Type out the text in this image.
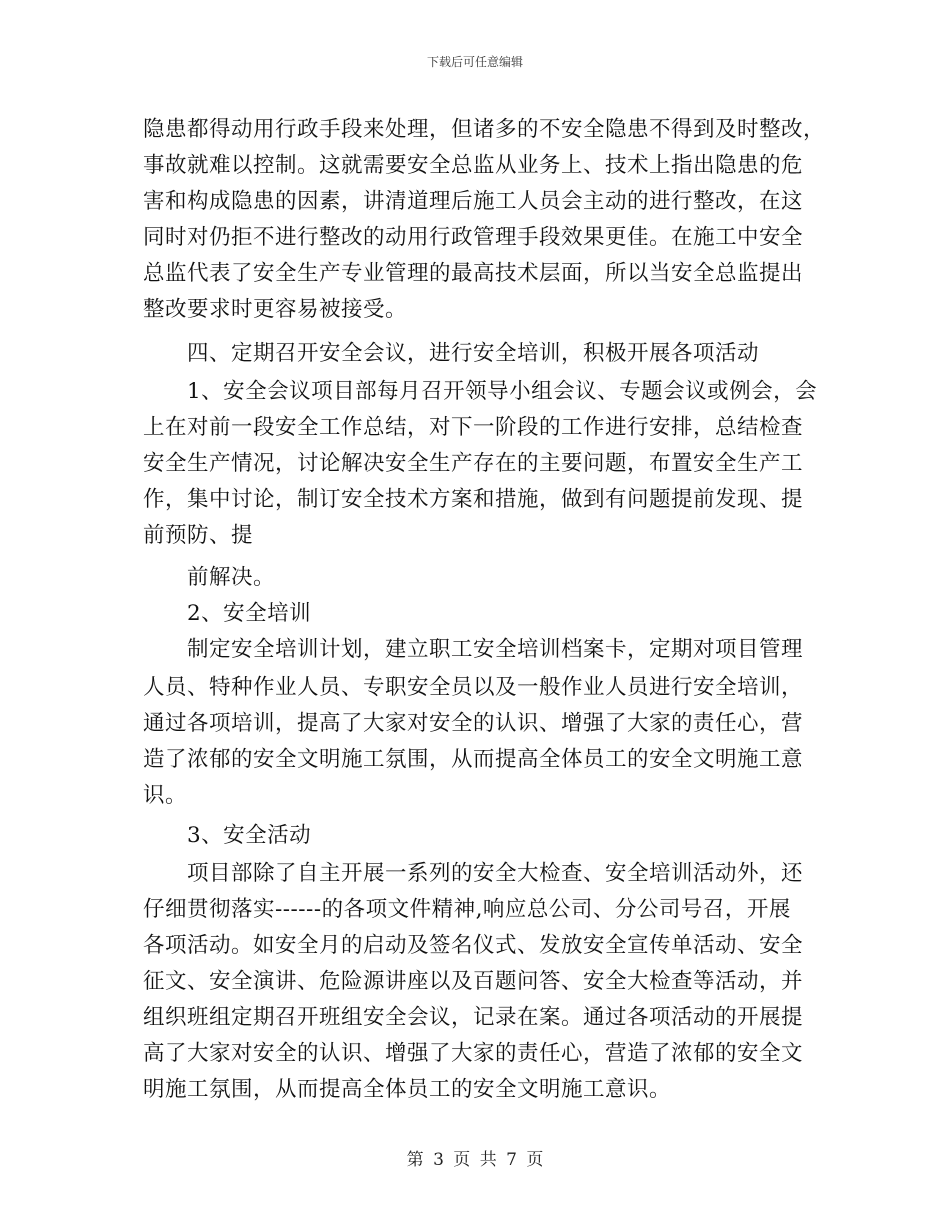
下载后可任意编辑
隐患都得动用行政手段来处理，但诸多的不安全隐患不得到及时整改，
事故就难以控制。这就需要安全总监从业务上、技术上指出隐患的危
害和构成隐患的因素，讲清道理后施工人员会主动的进行整改，在这
同时对仍拒不进行整改的动用行政管理手段效果更佳。在施工中安全
总监代表了安全生产专业管理的最高技术层面，所以当安全总监提出
整改要求时更容易被接受。
四、定期召开安全会议，进行安全培训，积极开展各项活动
1、安全会议项目部每月召开领导小组会议、专题会议或例会，会
上在对前一段安全工作总结，对下一阶段的工作进行安排，总结检查
安全生产情况，讨论解决安全生产存在的主要问题，布置安全生产工
作，集中讨论，制订安全技术方案和措施，做到有问题提前发现、提
前预防、提
前解决。
2、安全培训
制定安全培训计划，建立职工安全培训档案卡，定期对项目管理
人员、特种作业人员、专职安全员以及一般作业人员进行安全培训，
通过各项培训，提高了大家对安全的认识、增强了大家的责任心，营
造了浓郁的安全文明施工氛围，从而提高全体员工的安全文明施工意
识。
3、安全活动
项目部除了自主开展一系列的安全大检查、安全培训活动外，还
仔细贯彻落实------的各项文件精神,响应总公司、分公司号召，开展
各项活动。如安全月的启动及签名仪式、发放安全宣传单活动、安全
征文、安全演讲、危险源讲座以及百题问答、安全大检查等活动，并
组织班组定期召开班组安全会议，记录在案。通过各项活动的开展提
高了大家对安全的认识、增强了大家的责任心，营造了浓郁的安全文
明施工氛围，从而提高全体员工的安全文明施工意识。
第 3 页 共 7 页
